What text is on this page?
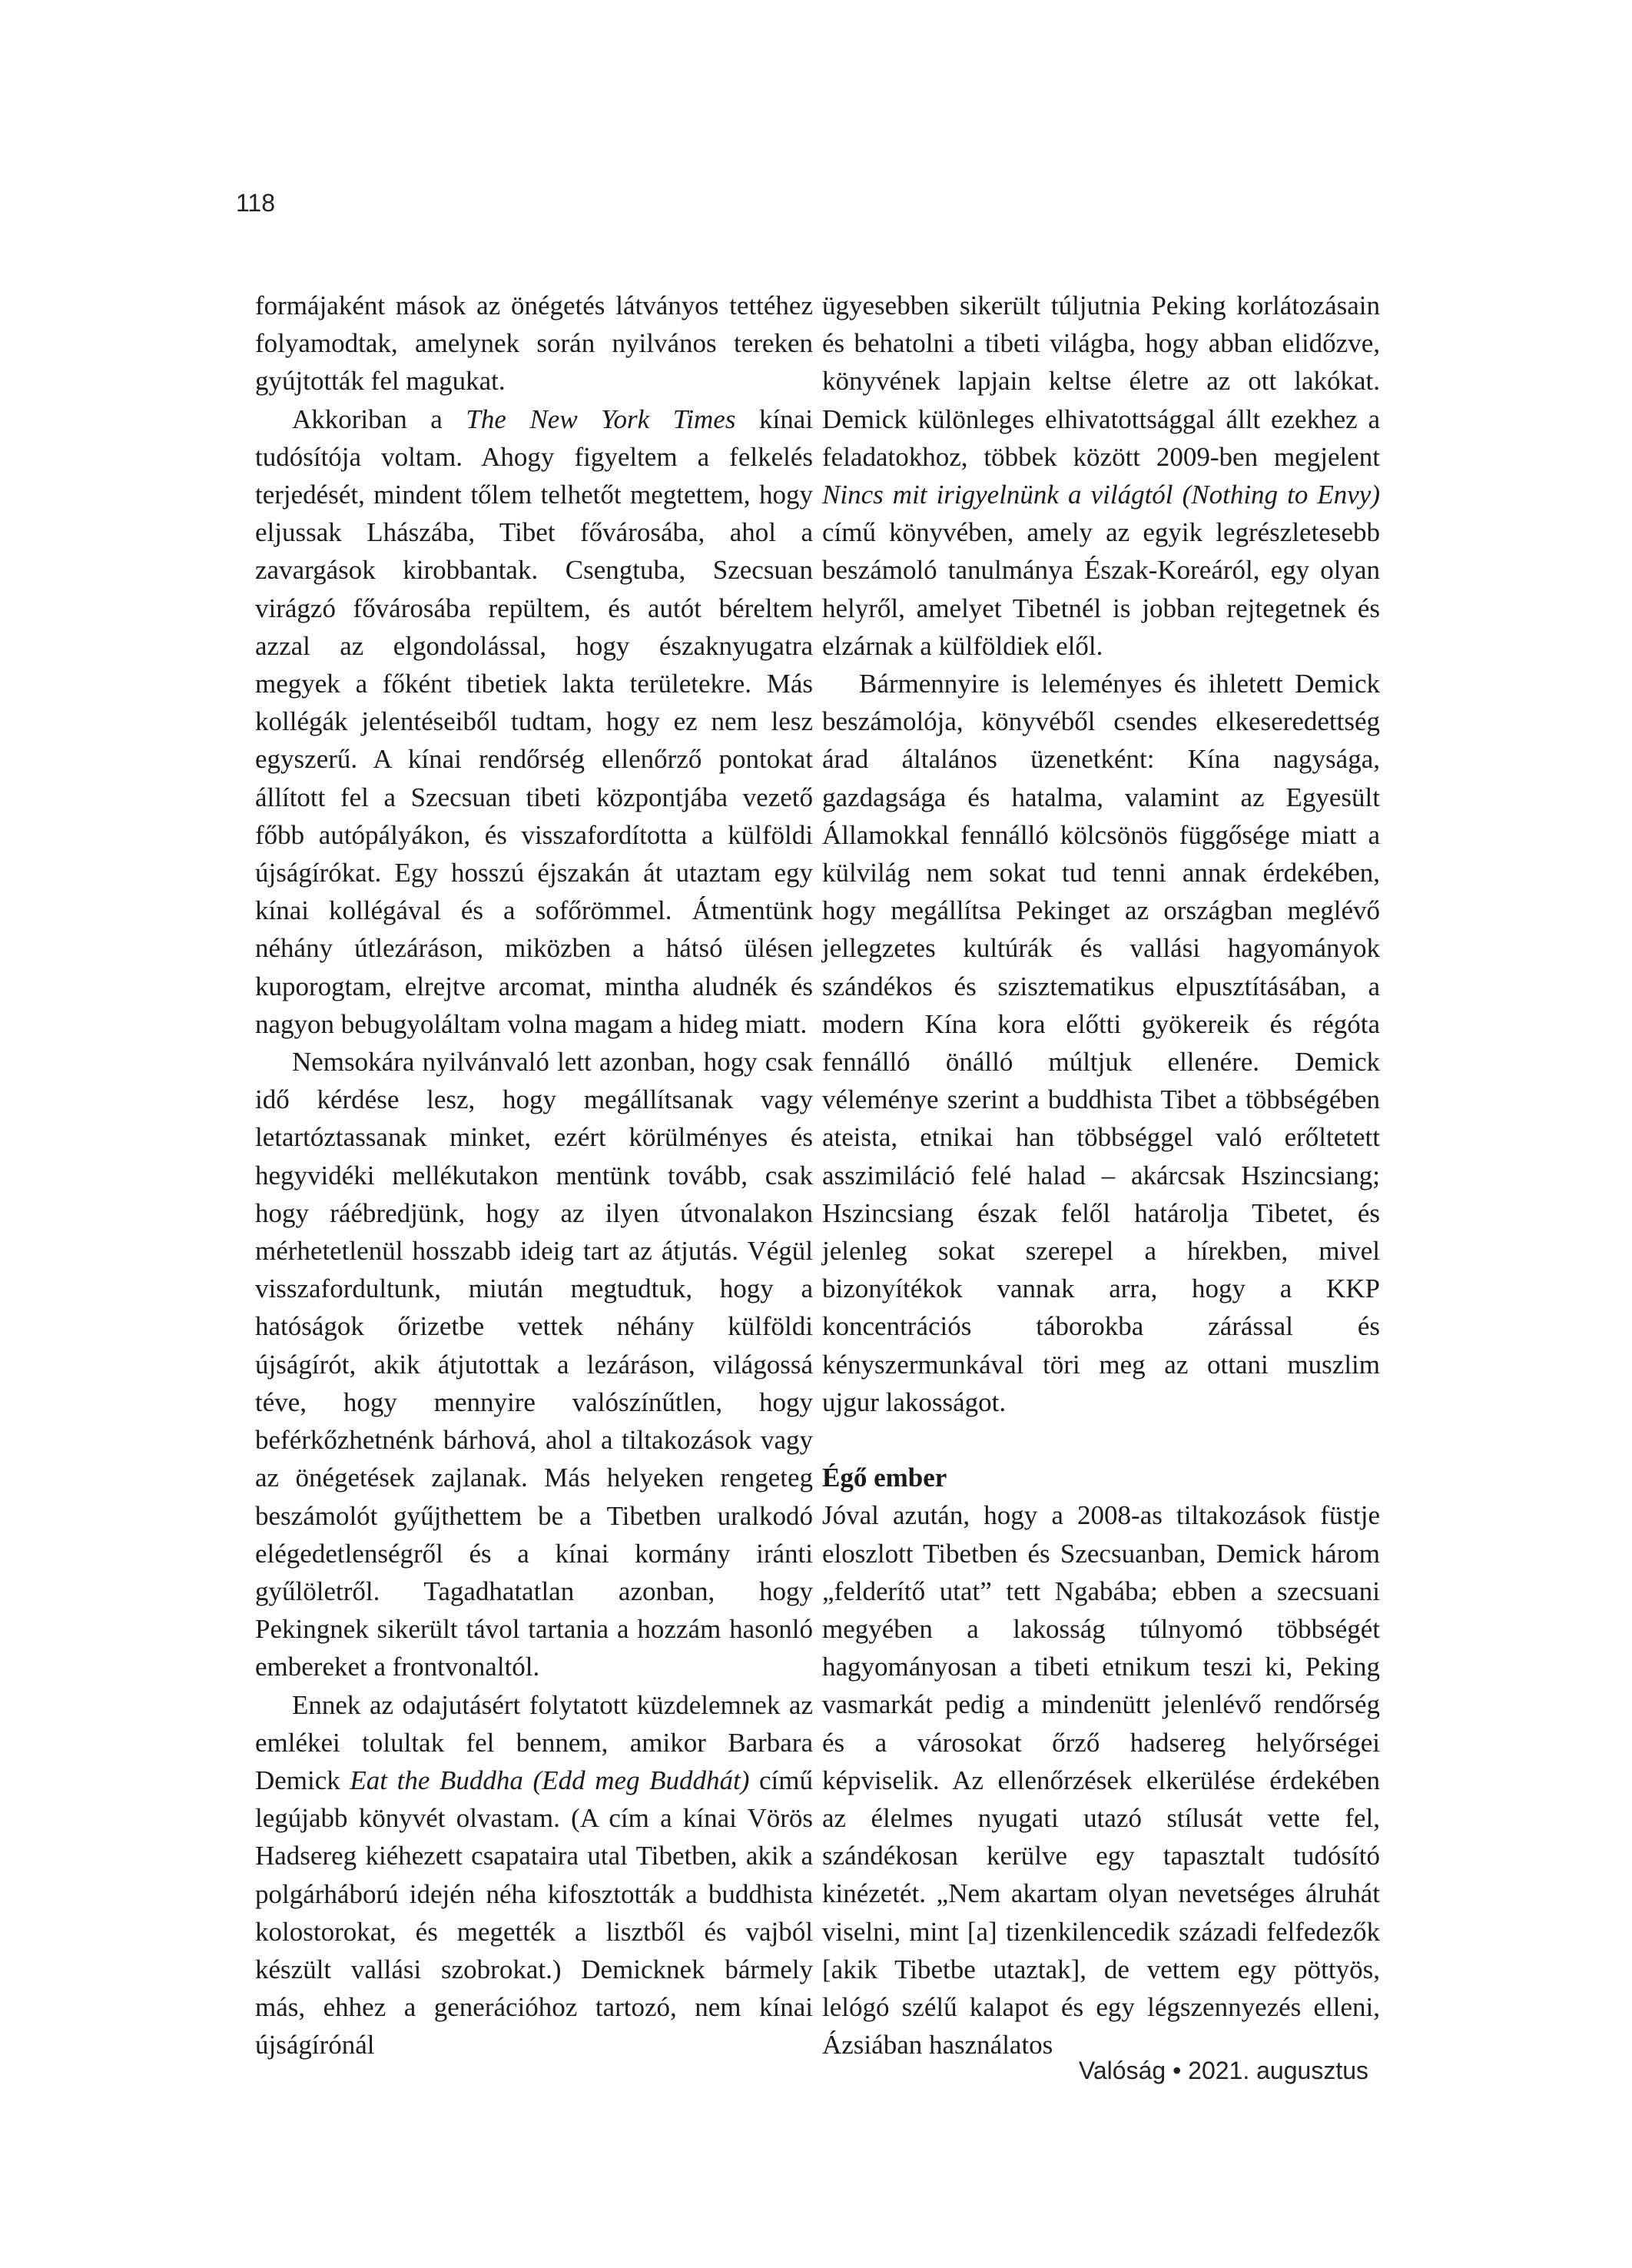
118

formájaként mások az önégetés látványos tettéhez folyamodtak, amelynek során nyilvános tereken gyújtották fel magukat.

Akkoriban a The New York Times kínai tudósítója voltam. Ahogy figyeltem a felkelés terjedését, mindent tőlem telhetőt megtettem, hogy eljussak Lhászába, Tibet fővárosába, ahol a zavargások kirobbantak. Csengtuba, Szecsuan virágzó fővárosába repültem, és autót béreltem azzal az elgondolással, hogy északnyugatra megyek a főként tibetiek lakta területekre. Más kollégák jelentéseiből tudtam, hogy ez nem lesz egyszerű. A kínai rendőrség ellenőrző pontokat állított fel a Szecsuan tibeti központjába vezető főbb autópályákon, és visszafordította a külföldi újságírókat. Egy hosszú éjszakán át utaztam egy kínai kollégával és a sofőrömmel. Átmentünk néhány útlezáráson, miközben a hátsó ülésen kuporogtam, elrejtve arcomat, mintha aludnék és nagyon bebugyoláltam volna magam a hideg miatt.

Nemsokára nyilvánvaló lett azonban, hogy csak idő kérdése lesz, hogy megállítsanak vagy letartóztassanak minket, ezért körülményes és hegyvidéki mellékutakon mentünk tovább, csak hogy ráébredjünk, hogy az ilyen útvonalakon mérhetetlenül hosszabb ideig tart az átjutás. Végül visszafordultunk, miután megtudtuk, hogy a hatóságok őrizetbe vettek néhány külföldi újságírót, akik átjutottak a lezáráson, világossá téve, hogy mennyire valószínűtlen, hogy beférkőzhetnénk bárhová, ahol a tiltakozások vagy az önégetések zajlanak. Más helyeken rengeteg beszámolót gyűjthettem be a Tibetben uralkodó elégedetlenségről és a kínai kormány iránti gyűlöletről. Tagadhatatlan azonban, hogy Pekingnek sikerült távol tartania a hozzám hasonló embereket a frontvonaltól.

Ennek az odajutásért folytatott küzdelemnek az emlékei tolultak fel bennem, amikor Barbara Demick Eat the Buddha (Edd meg Buddhát) című legújabb könyvét olvastam. (A cím a kínai Vörös Hadsereg kiéhezett csapataira utal Tibetben, akik a polgárháború idején néha kifosztották a buddhista kolostorokat, és megették a lisztből és vajból készült vallási szobrokat.) Demicknek bármely más, ehhez a generációhoz tartozó, nem kínai újságírónál

ügyesebben sikerült túljutnia Peking korlátozásain és behatolni a tibeti világba, hogy abban elidőzve, könyvének lapjain keltse életre az ott lakókat. Demick különleges elhivatottsággal állt ezekhez a feladatokhoz, többek között 2009-ben megjelent Nincs mit irigyelnünk a világtól (Nothing to Envy) című könyvében, amely az egyik legrészletesebb beszámoló tanulmánya Észak-Koreáról, egy olyan helyről, amelyet Tibetnél is jobban rejtegetnek és elzárnak a külföldiek elől.

Bármennyire is leleményes és ihletett Demick beszámolója, könyvéből csendes elkeseredettség árad általános üzenetként: Kína nagysága, gazdagsága és hatalma, valamint az Egyesült Államokkal fennálló kölcsönös függősége miatt a külvilág nem sokat tud tenni annak érdekében, hogy megállítsa Pekinget az országban meglévő jellegzetes kultúrák és vallási hagyományok szándékos és szisztematikus elpusztításában, a modern Kína kora előtti gyökereik és régóta fennálló önálló múltjuk ellenére. Demick véleménye szerint a buddhista Tibet a többségében ateista, etnikai han többséggel való erőltetett asszimiláció felé halad – akárcsak Hszincsiang; Hszincsiang észak felől határolja Tibetet, és jelenleg sokat szerepel a hírekben, mivel bizonyítékok vannak arra, hogy a KKP koncentrációs táborokba zárással és kényszermunkával töri meg az ottani muszlim ujgur lakosságot.

Égő ember

Jóval azután, hogy a 2008-as tiltakozások füstje eloszlott Tibetben és Szecsuanban, Demick három „felderítő utat” tett Ngabába; ebben a szecsuani megyében a lakosság túlnyomó többségét hagyományosan a tibeti etnikum teszi ki, Peking vasmarkát pedig a mindenütt jelenlévő rendőrség és a városokat őrző hadsereg helyőrségei képviselik. Az ellenőrzések elkerülése érdekében az élelmes nyugati utazó stílusát vette fel, szándékosan kerülve egy tapasztalt tudósító kinézetét. „Nem akartam olyan nevetséges álruhát viselni, mint [a] tizenkilencedik századi felfedezők [akik Tibetbe utaztak], de vettem egy pöttyös, lelógó szélű kalapot és egy légszennyezés elleni, Ázsiában használatos

Valóság • 2021. augusztus
